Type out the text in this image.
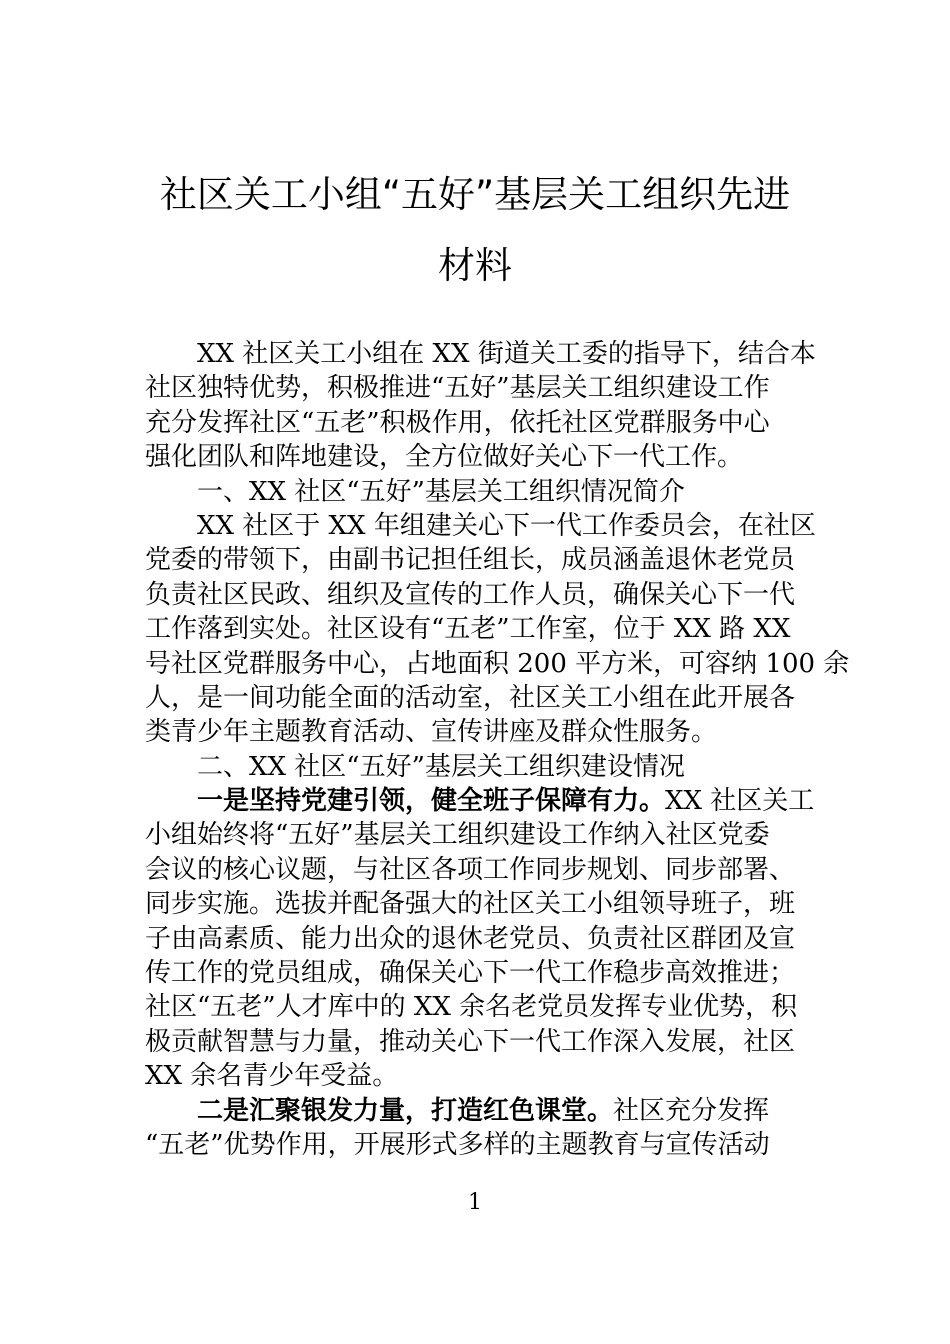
社区关工小组“五好”基层关工组织先进
材料
XX 社区关工小组在 XX 街道关工委的指导下，结合本
社区独特优势，积极推进“五好”基层关工组织建设工作
充分发挥社区“五老”积极作用，依托社区党群服务中心
强化团队和阵地建设，全方位做好关心下一代工作。
一、XX 社区“五好”基层关工组织情况简介
XX 社区于 XX 年组建关心下一代工作委员会，在社区
党委的带领下，由副书记担任组长，成员涵盖退休老党员
负责社区民政、组织及宣传的工作人员，确保关心下一代
工作落到实处。社区设有“五老”工作室，位于 XX 路 XX
号社区党群服务中心，占地面积 200 平方米，可容纳 100 余
人，是一间功能全面的活动室，社区关工小组在此开展各
类青少年主题教育活动、宣传讲座及群众性服务。
二、XX 社区“五好”基层关工组织建设情况
一是坚持党建引领，健全班子保障有力。XX 社区关工
小组始终将“五好”基层关工组织建设工作纳入社区党委
会议的核心议题，与社区各项工作同步规划、同步部署、
同步实施。选拔并配备强大的社区关工小组领导班子，班
子由高素质、能力出众的退休老党员、负责社区群团及宣
传工作的党员组成，确保关心下一代工作稳步高效推进；
社区“五老”人才库中的 XX 余名老党员发挥专业优势，积
极贡献智慧与力量，推动关心下一代工作深入发展，社区
XX 余名青少年受益。
二是汇聚银发力量，打造红色课堂。社区充分发挥
“五老”优势作用，开展形式多样的主题教育与宣传活动
1
